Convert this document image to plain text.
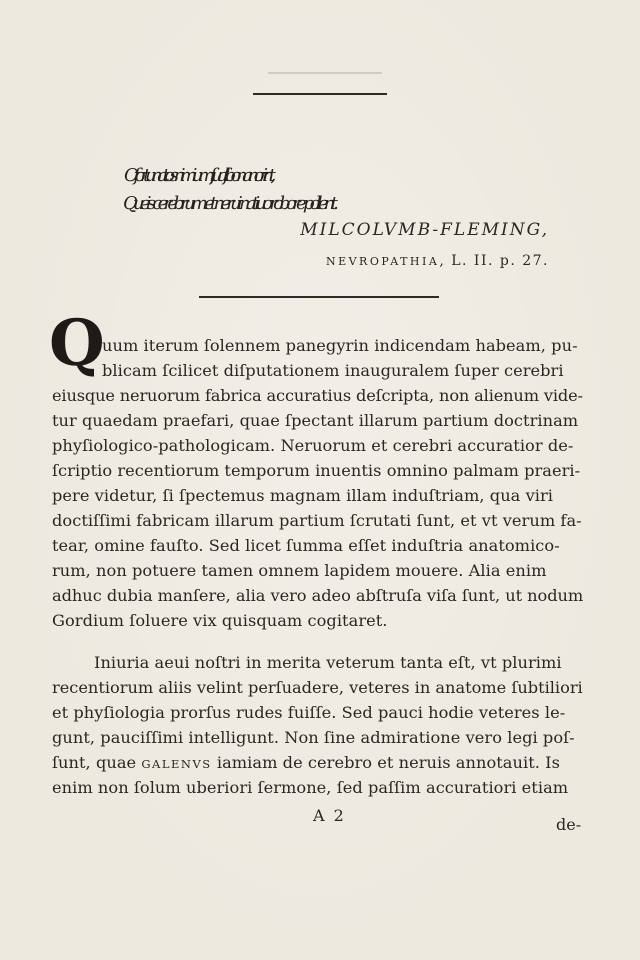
O fortunatos nimium, ſua ſi bona norint,
Queis cerebrum et nerui natiuo robore pollent.
MILCOLVMB-FLEMING,
NEVROPATHIA, L. II. p. 27.
Q
uum iterum ſolennem panegyrin indicendam habeam, pu-
blicam ſcilicet diſputationem inauguralem ſuper cerebri
eiusque neruorum fabrica accuratius deſcripta, non alienum vide-
tur quaedam praefari, quae ſpectant illarum partium doctrinam
phyſiologico-pathologicam. Neruorum et cerebri accuratior de-
ſcriptio recentiorum temporum inuentis omnino palmam praeri-
pere videtur, ſi ſpectemus magnam illam induſtriam, qua viri
doctiſſimi fabricam illarum partium ſcrutati ſunt, et vt verum fa-
tear, omine fauſto. Sed licet ſumma eſſet induſtria anatomico-
rum, non potuere tamen omnem lapidem mouere. Alia enim
adhuc dubia manſere, alia vero adeo abſtruſa viſa ſunt, ut nodum
Gordium ſoluere vix quisquam cogitaret.
Iniuria aeui noſtri in merita veterum tanta eſt, vt plurimi
recentiorum aliis velint perſuadere, veteres in anatome ſubtiliori
et phyſiologia prorſus rudes fuiſſe. Sed pauci hodie veteres le-
gunt, pauciſſimi intelligunt. Non ſine admiratione vero legi poſ-
ſunt, quae GALENVS iamiam de cerebro et neruis annotauit. Is
enim non ſolum uberiori ſermone, ſed paſſim accuratiori etiam
A 2	de-
